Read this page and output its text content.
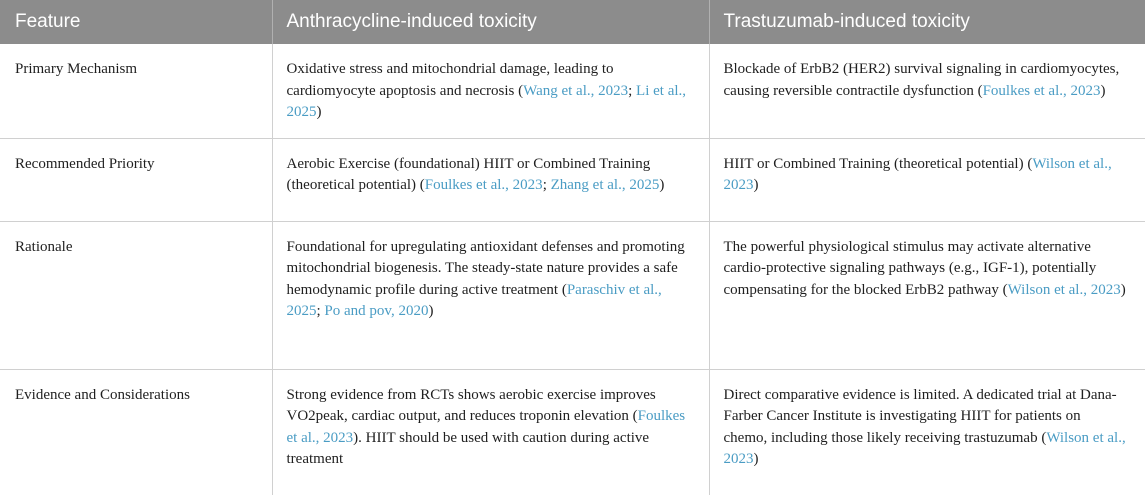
Feature	Anthracycline-induced toxicity	Trastuzumab-induced toxicity
Primary Mechanism	Oxidative stress and mitochondrial damage, leading to cardiomyocyte apoptosis and necrosis (Wang et al., 2023; Li et al., 2025)	Blockade of ErbB2 (HER2) survival signaling in cardiomyocytes, causing reversible contractile dysfunction (Foulkes et al., 2023)
Recommended Priority	Aerobic Exercise (foundational) HIIT or Combined Training (theoretical potential) (Foulkes et al., 2023; Zhang et al., 2025)	HIIT or Combined Training (theoretical potential) (Wilson et al., 2023)
Rationale	Foundational for upregulating antioxidant defenses and promoting mitochondrial biogenesis. The steady-state nature provides a safe hemodynamic profile during active treatment (Paraschiv et al., 2025; Po and pov, 2020)	The powerful physiological stimulus may activate alternative cardio-protective signaling pathways (e.g., IGF-1), potentially compensating for the blocked ErbB2 pathway (Wilson et al., 2023)
Evidence and Considerations	Strong evidence from RCTs shows aerobic exercise improves VO2peak, cardiac output, and reduces troponin elevation (Foulkes et al., 2023). HIIT should be used with caution during active treatment	Direct comparative evidence is limited. A dedicated trial at Dana-Farber Cancer Institute is investigating HIIT for patients on chemo, including those likely receiving trastuzumab (Wilson et al., 2023)
